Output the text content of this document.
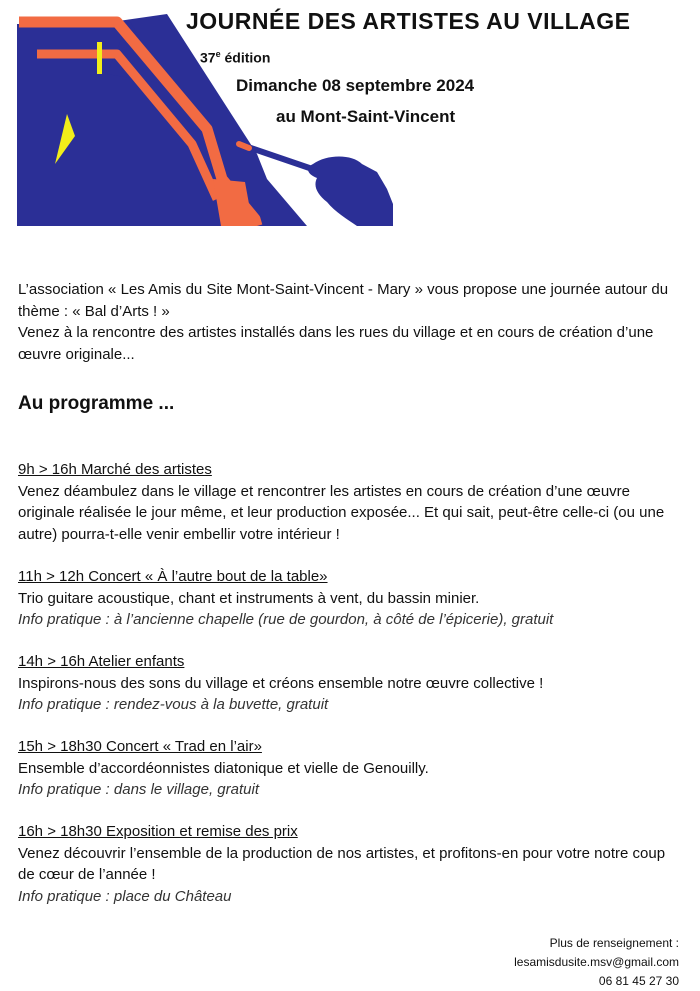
JOURNÉE DES ARTISTES AU VILLAGE
37e édition
Dimanche 08 septembre 2024
au Mont-Saint-Vincent

L’association « Les Amis du Site Mont-Saint-Vincent - Mary » vous propose une journée autour du thème : « Bal d’Arts ! »

Venez à la rencontre des artistes installés dans les rues du village et en cours de création d’une œuvre originale...

Au programme ...

9h > 16h Marché des artistes

Venez déambulez dans le village et rencontrer les artistes en cours de création d’une œuvre originale réalisée le jour même, et leur production exposée... Et qui sait, peut-être celle-ci (ou une autre) pourra-t-elle venir embellir votre intérieur !

11h > 12h Concert « À l’autre bout de la table»

Trio guitare acoustique, chant et instruments à vent, du bassin minier.

Info pratique : à l’ancienne chapelle (rue de gourdon, à côté de l’épicerie), gratuit

14h > 16h Atelier enfants

Inspirons-nous des sons du village et créons ensemble notre œuvre collective !

Info pratique : rendez-vous à la buvette, gratuit

15h > 18h30 Concert « Trad en l’air»

Ensemble d’accordéonnistes diatonique et vielle de Genouilly.

Info pratique : dans le village, gratuit

16h > 18h30 Exposition et remise des prix

Venez découvrir l’ensemble de la production de nos artistes, et profitons-en pour votre notre coup de cœur de l’année !

Info pratique : place du Château

Plus de renseignement :
lesamisdusite.msv@gmail.com
06 81 45 27 30
